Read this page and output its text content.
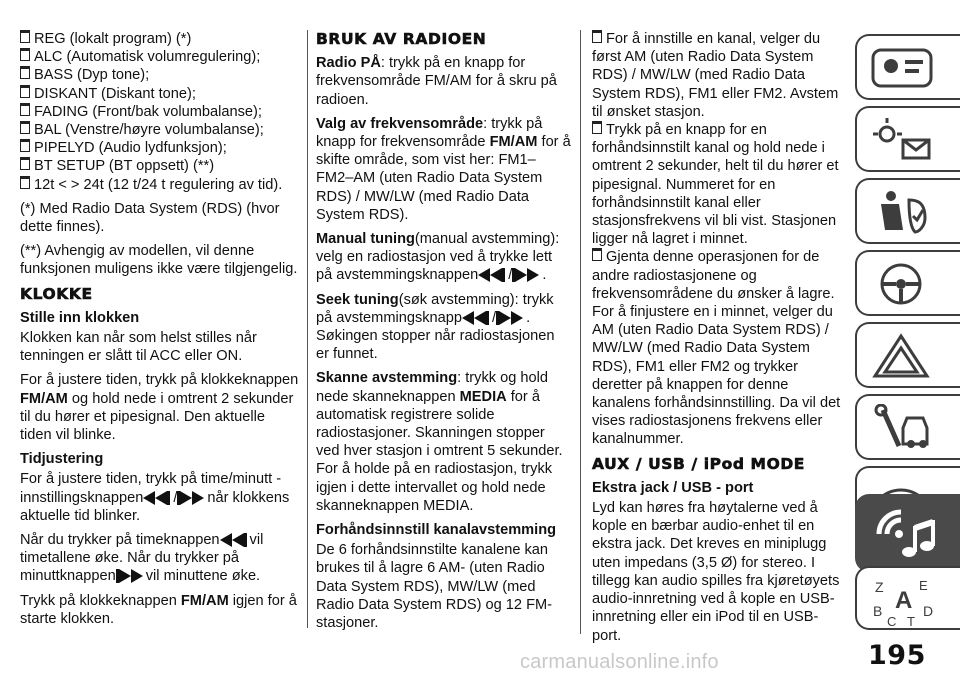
REG (lokalt program) (*)
ALC (Automatisk volumregulering);
BASS (Dyp tone);
DISKANT (Diskant tone);
FADING (Front/bak volumbalanse);
BAL (Venstre/høyre volumbalanse);
PIPELYD (Audio lydfunksjon);
BT SETUP (BT oppsett) (**)

12t < > 24t (12 t/24 t regulering av tid).

(*) Med Radio Data System (RDS) (hvor dette finnes).

(**) Avhengig av modellen, vil denne funksjonen muligens ikke være tilgjengelig.

KLOKKE
Stille inn klokken

Klokken kan når som helst stilles når tenningen er slått til ACC eller ON.

For å justere tiden, trykk på klokkeknappen FM/AM og hold nede i omtrent 2 sekunder til du hører et pipesignal. Den aktuelle tiden vil blinke.

Tidjustering

For å justere tiden, trykk på time/minutt - innstillingsknappen / når klokkens aktuelle tid blinker.

Når du trykker på timeknappen vil timetallene øke. Når du trykker på minuttknappen vil minuttene øke.

Trykk på klokkeknappen FM/AM igjen for å starte klokken.

BRUK AV RADIOEN

Radio PÅ: trykk på en knapp for frekvensområde FM/AM for å skru på radioen.

Valg av frekvensområde: trykk på knapp for frekvensområde FM/AM for å skifte område, som vist her: FM1–FM2–AM (uten Radio Data System RDS) / MW/LW (med Radio Data System RDS).

Manual tuning(manual avstemming): velg en radiostasjon ved å trykke lett på avstemmingsknappen / .

Seek tuning(søk avstemming): trykk på avstemmingsknapp / . Søkingen stopper når radiostasjonen er funnet.

Skanne avstemming: trykk og hold nede skanneknappen MEDIA for å automatisk registrere solide radiostasjoner. Skanningen stopper ved hver stasjon i omtrent 5 sekunder. For å holde på en radiostasjon, trykk igjen i dette intervallet og hold nede skanneknappen MEDIA.

Forhåndsinnstill kanalavstemming

De 6 forhåndsinnstilte kanalene kan brukes til å lagre 6 AM- (uten Radio Data System RDS), MW/LW (med Radio Data System RDS) og 12 FM-stasjoner.

For å innstille en kanal, velger du først AM (uten Radio Data System RDS) / MW/LW (med Radio Data System RDS), FM1 eller FM2. Avstem til ønsket stasjon.

Trykk på en knapp for en forhåndsinnstilt kanal og hold nede i omtrent 2 sekunder, helt til du hører et pipesignal. Nummeret for en forhåndsinnstilt kanal eller stasjonsfrekvens vil bli vist. Stasjonen ligger nå lagret i minnet.

Gjenta denne operasjonen for de andre radiostasjonene og frekvensområdene du ønsker å lagre.

For å finjustere en i minnet, velger du AM (uten Radio Data System RDS) / MW/LW (med Radio Data System RDS), FM1 eller FM2 og trykker deretter på knappen for denne kanalens forhåndsinnstilling. Da vil det vises radiostasjonens frekvens eller kanalnummer.

AUX / USB / iPod MODE
Ekstra jack / USB - port

Lyd kan høres fra høytalerne ved å kople en bærbar audio-enhet til en ekstra jack. Det kreves en miniplugg uten impedans (3,5 Ø) for stereo. I tillegg kan audio spilles fra kjøretøyets audio-innretning ved å kople en USB-innretning eller ein iPod til en USB-port.

Z	E
A
B	D
C T
carmanualsonline.info	195
